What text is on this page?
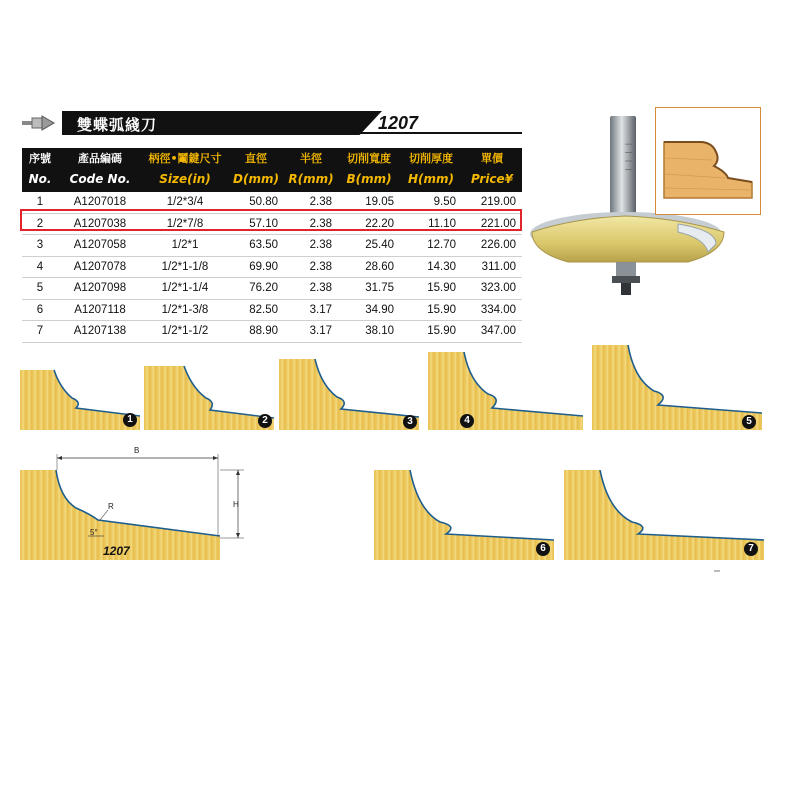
雙蝶弧綫刀	1207
序號	產品編碼	柄徑•鬮鍵尺寸	直徑	半徑	切削寬度	切削厚度	單價
No.	Code No.	Size(in)	D(mm)	R(mm)	B(mm)	H(mm)	Price¥
1	A1207018	1/2*3/4	50.80	2.38	19.05	9.50	219.00
2	A1207038	1/2*7/8	57.10	2.38	22.20	11.10	221.00
3	A1207058	1/2*1	63.50	2.38	25.40	12.70	226.00
4	A1207078	1/2*1-1/8	69.90	2.38	28.60	14.30	311.00
5	A1207098	1/2*1-1/4	76.20	2.38	31.75	15.90	323.00
6	A1207118	1/2*1-3/8	82.50	3.17	34.90	15.90	334.00
7	A1207138	1/2*1-1/2	88.90	3.17	38.10	15.90	347.00
| | | |
1	2	3	4	5
B
H
R
5°
1207	6	7
